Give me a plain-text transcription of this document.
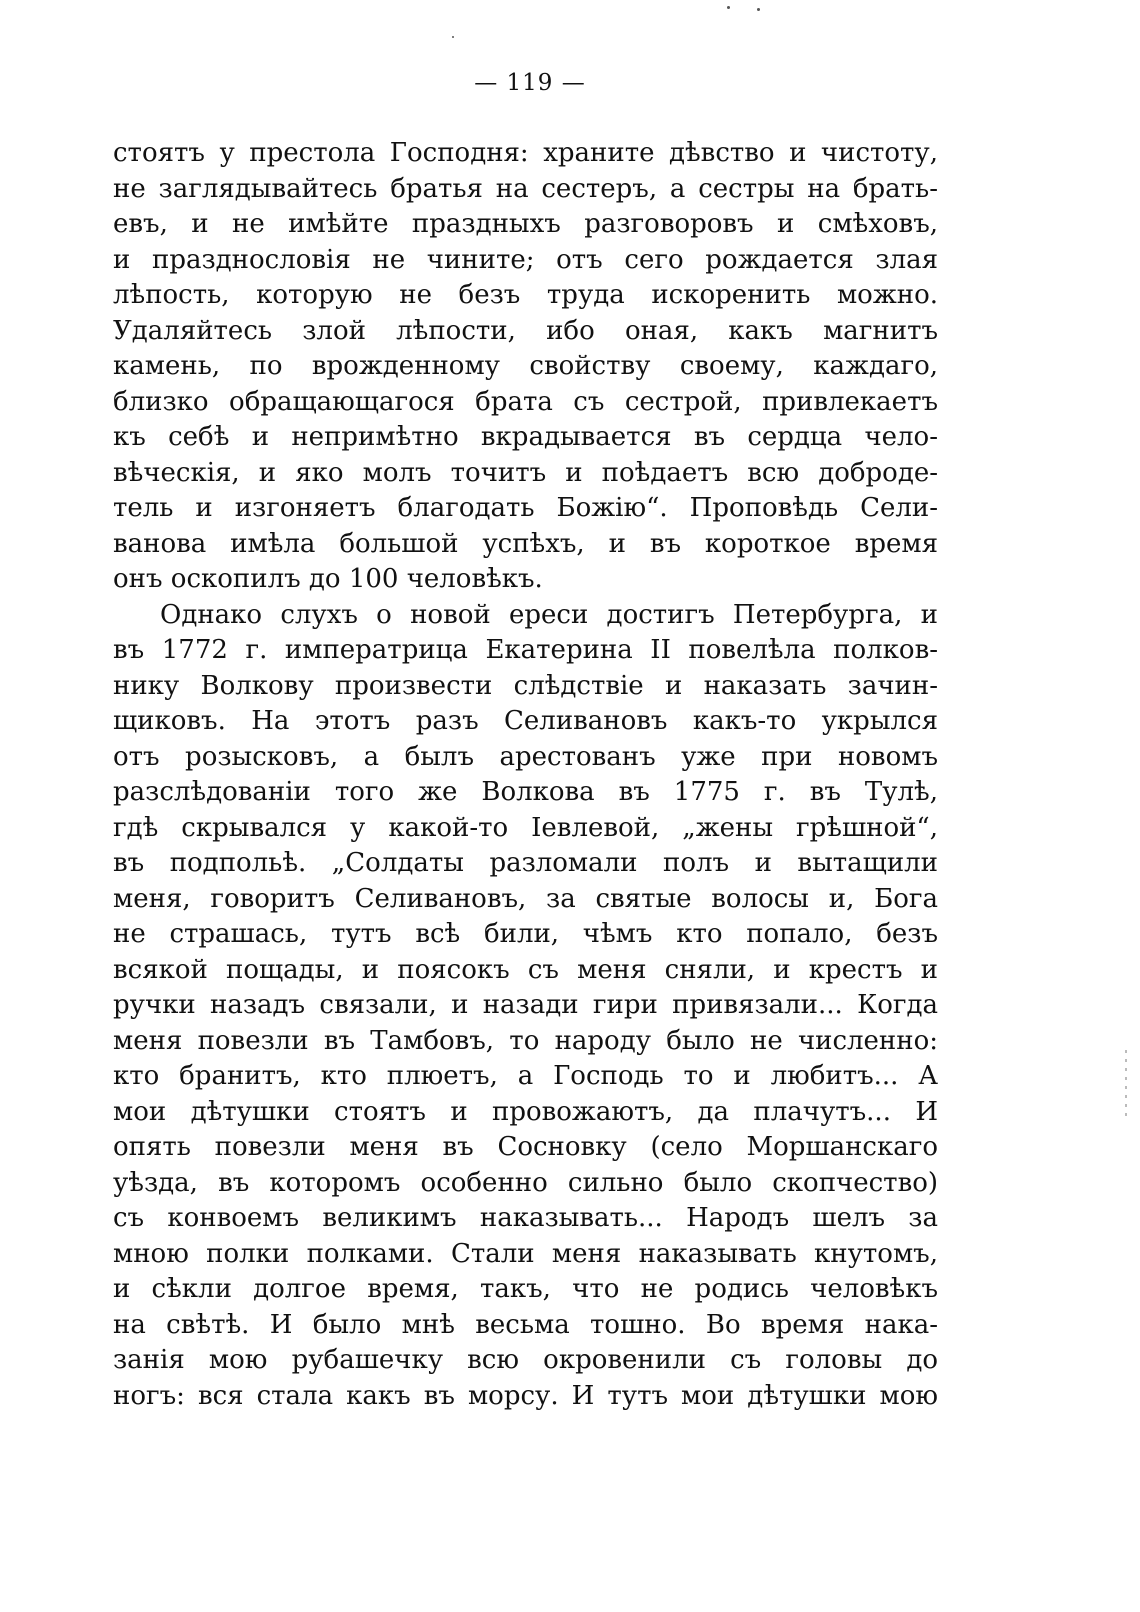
— 119 —
стоятъ у престола Господня: храните дѣвство и чистоту,
не заглядывайтесь братья на сестеръ, а сестры на брать-
евъ, и не имѣйте праздныхъ разговоровъ и смѣховъ,
и празднословія не чините; отъ сего рождается злая
лѣпость, которую не безъ труда искоренить можно.
Удаляйтесь злой лѣпости, ибо оная, какъ магнитъ
камень, по врожденному свойству своему, каждаго,
близко обращающагося брата съ сестрой, привлекаетъ
къ себѣ и непримѣтно вкрадывается въ сердца чело-
вѣческія, и яко молъ точитъ и поѣдаетъ всю доброде-
тель и изгоняетъ благодать Божію“. Проповѣдь Сели-
ванова имѣла большой успѣхъ, и въ короткое время
онъ оскопилъ до 100 человѣкъ.
Однако слухъ о новой ереси достигъ Петербурга, и
въ 1772 г. императрица Екатерина II повелѣла полков-
нику Волкову произвести слѣдствіе и наказать зачин-
щиковъ. На этотъ разъ Селивановъ какъ-то укрылся
отъ розысковъ, а былъ арестованъ уже при новомъ
разслѣдованіи того же Волкова въ 1775 г. въ Тулѣ,
гдѣ скрывался у какой-то Іевлевой, „жены грѣшной“,
въ подпольѣ. „Солдаты разломали полъ и вытащили
меня, говоритъ Селивановъ, за святые волосы и, Бога
не страшась, тутъ всѣ били, чѣмъ кто попало, безъ
всякой пощады, и поясокъ съ меня сняли, и крестъ и
ручки назадъ связали, и назади гири привязали... Когда
меня повезли въ Тамбовъ, то народу было не численно:
кто бранитъ, кто плюетъ, а Господь то и любитъ... А
мои дѣтушки стоятъ и провожаютъ, да плачутъ... И
опять повезли меня въ Сосновку (село Моршанскаго
уѣзда, въ которомъ особенно сильно было скопчество)
съ конвоемъ великимъ наказывать... Народъ шелъ за
мною полки полками. Стали меня наказывать кнутомъ,
и сѣкли долгое время, такъ, что не родись человѣкъ
на свѣтѣ. И было мнѣ весьма тошно. Во время нака-
занія мою рубашечку всю окровенили съ головы до
ногъ: вся стала какъ въ морсу. И тутъ мои дѣтушки мою
